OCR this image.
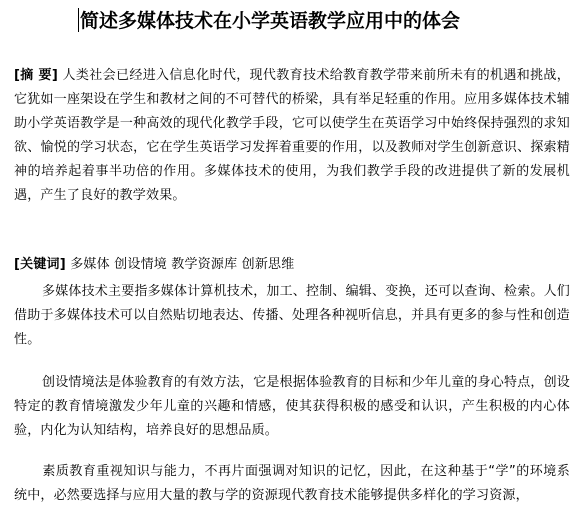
简述多媒体技术在小学英语教学应用中的体会
[摘 要] 人类社会已经进入信息化时代，现代教育技术给教育教学带来前所未有的机遇和挑战，它犹如一座架设在学生和教材之间的不可替代的桥梁，具有举足轻重的作用。应用多媒体技术辅助小学英语教学是一种高效的现代化教学手段，它可以使学生在英语学习中始终保持强烈的求知欲、愉悦的学习状态，它在学生英语学习发挥着重要的作用，以及教师对学生创新意识、探索精神的培养起着事半功倍的作用。多媒体技术的使用，为我们教学手段的改进提供了新的发展机遇，产生了良好的教学效果。
[关键词] 多媒体 创设情境 教学资源库 创新思维
多媒体技术主要指多媒体计算机技术，加工、控制、编辑、变换，还可以查询、检索。人们借助于多媒体技术可以自然贴切地表达、传播、处理各种视听信息，并具有更多的参与性和创造性。
创设情境法是体验教育的有效方法，它是根据体验教育的目标和少年儿童的身心特点，创设特定的教育情境激发少年儿童的兴趣和情感，使其获得积极的感受和认识，产生积极的内心体验，内化为认知结构，培养良好的思想品质。
素质教育重视知识与能力，不再片面强调对知识的记忆，因此，在这种基于“学”的环境系统中，必然要选择与应用大量的教与学的资源现代教育技术能够提供多样化的学习资源，
